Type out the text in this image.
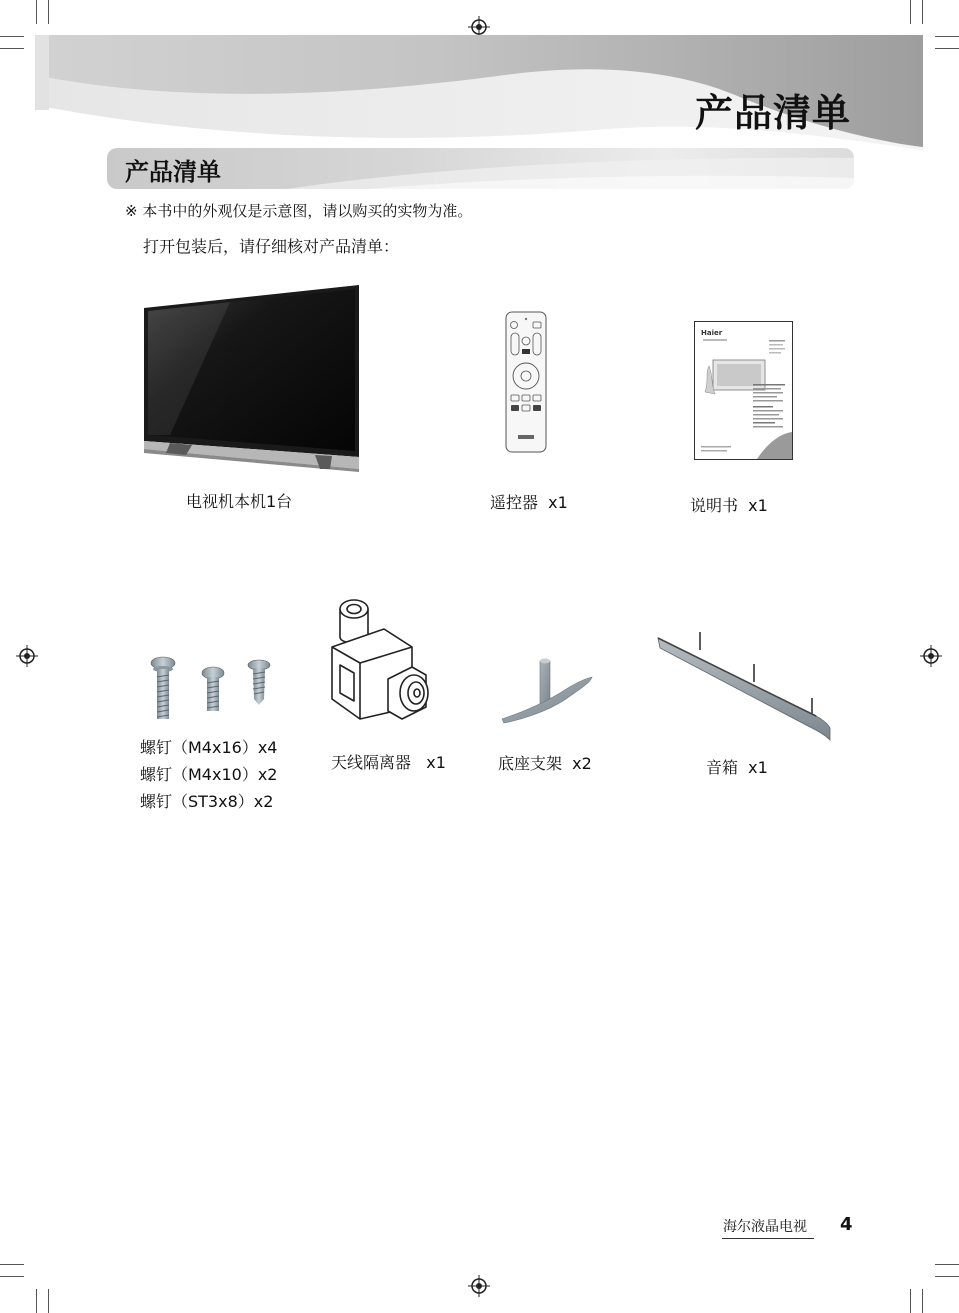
产品清单
产品清单
※ 本书中的外观仅是示意图，请以购买的实物为准。
打开包装后，请仔细核对产品清单：
电视机本机1台	遥控器  x1
Haier
说明书  x1
螺钉（M4x16）x4
螺钉（M4x10）x2
螺钉（ST3x8）x2
天线隔离器   x1	底座支架  x2	音箱  x1
海尔液晶电视 4
